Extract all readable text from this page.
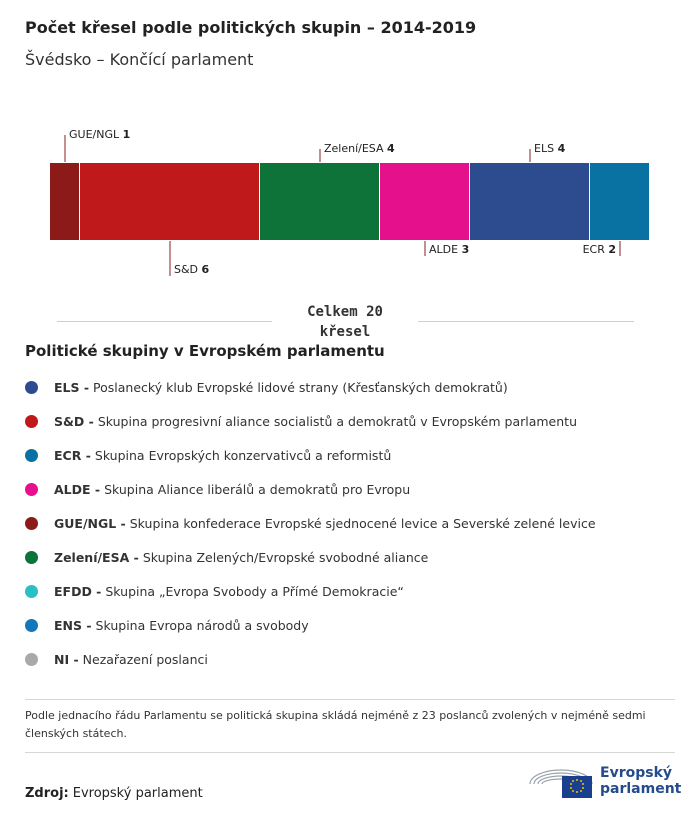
Počet křesel podle politických skupin – 2014-2019
Švédsko – Končící parlament
GUE/NGL 1
S&D 6
Zelení/ESA 4
ALDE 3
ELS 4
ECR 2
Celkem 20
křesel
Politické skupiny v Evropském parlamentu
ELS - Poslanecký klub Evropské lidové strany (Křesťanských demokratů)
S&D - Skupina progresivní aliance socialistů a demokratů v Evropském parlamentu
ECR - Skupina Evropských konzervativců a reformistů
ALDE - Skupina Aliance liberálů a demokratů pro Evropu
GUE/NGL - Skupina konfederace Evropské sjednocené levice a Severské zelené levice
Zelení/ESA - Skupina Zelených/Evropské svobodné aliance
EFDD - Skupina „Evropa Svobody a Přímé Demokracie“
ENS - Skupina Evropa národů a svobody
NI - Nezařazení poslanci
Podle jednacího řádu Parlamentu se politická skupina skládá nejméně z 23 poslanců zvolených v nejméně sedmi členských státech.
Zdroj: Evropský parlament
Evropský
parlament
